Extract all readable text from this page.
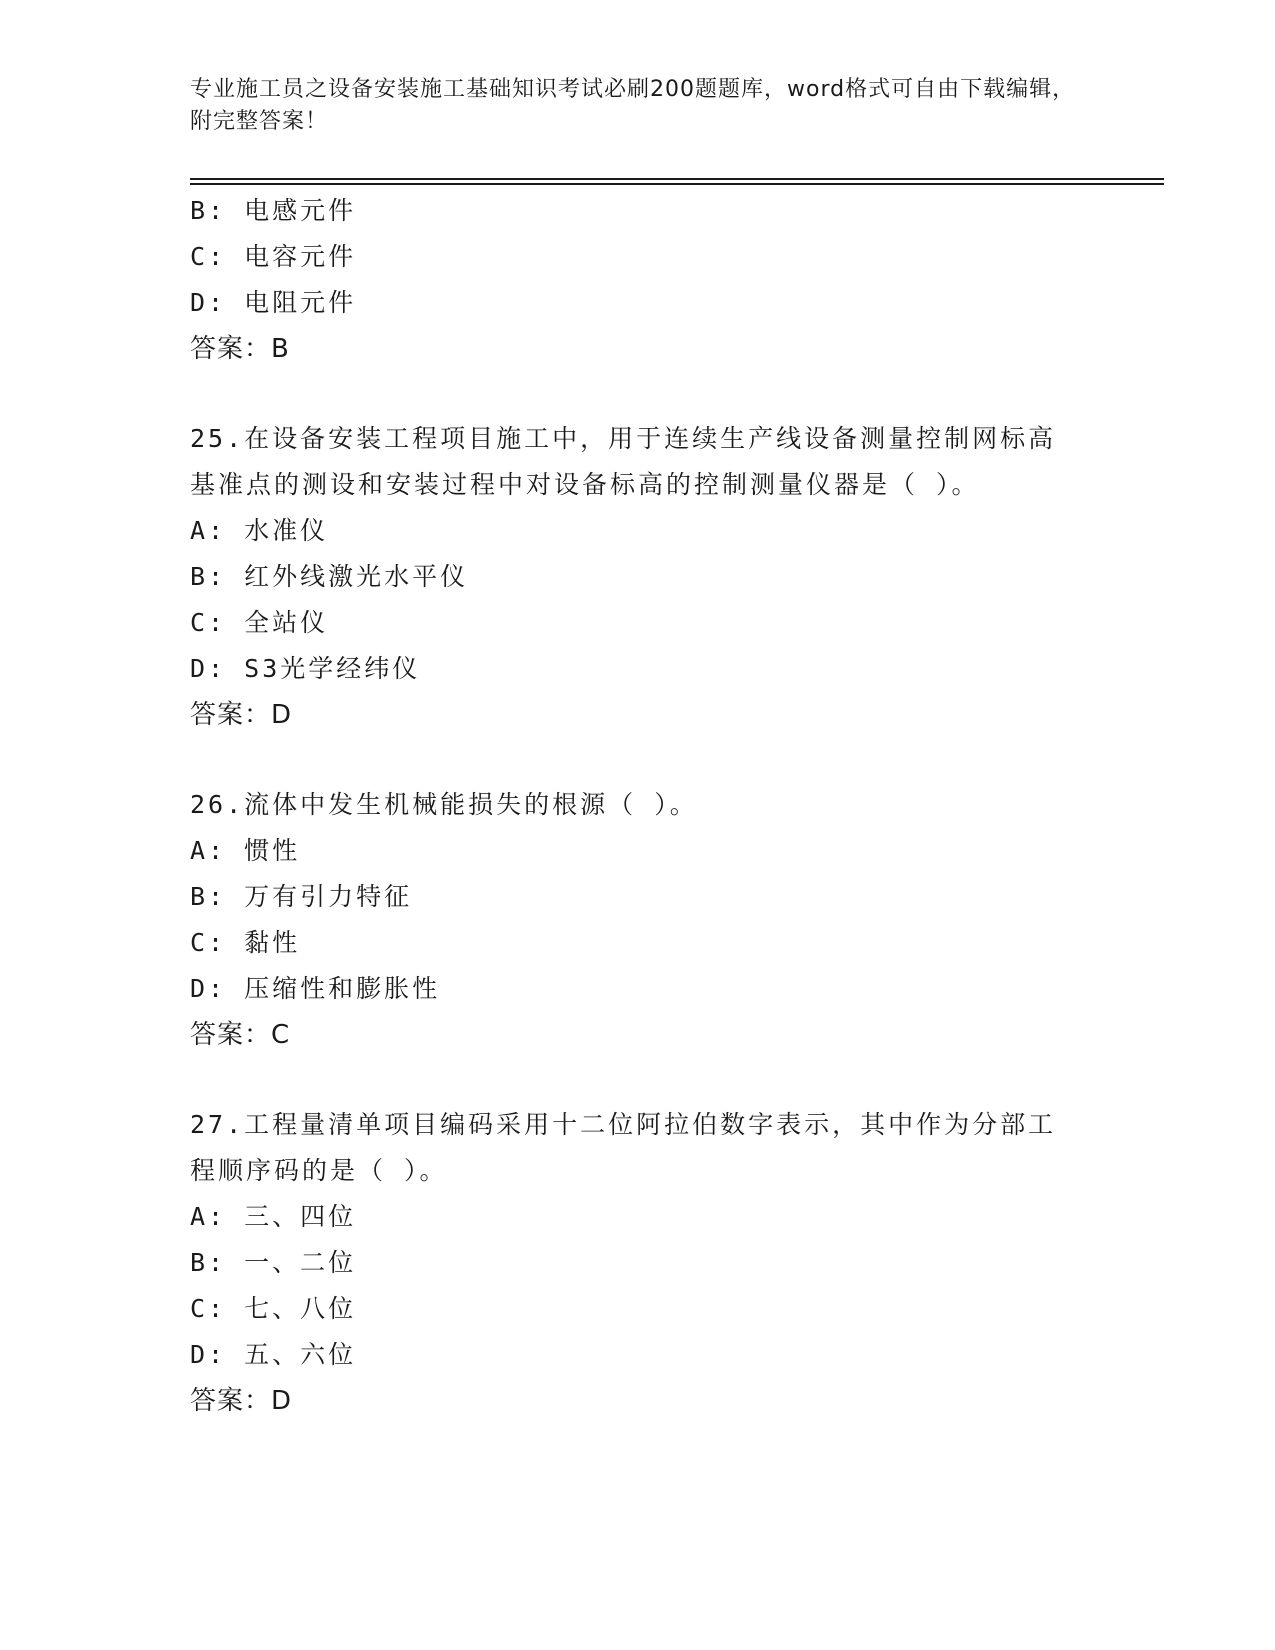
专业施工员之设备安装施工基础知识考试必刷200题题库，word格式可自由下载编辑，附完整答案！
B: 电感元件
C: 电容元件
D: 电阻元件
答案：B
25.在设备安装工程项目施工中，用于连续生产线设备测量控制网标高
基准点的测设和安装过程中对设备标高的控制测量仪器是（ ）。
A: 水准仪
B: 红外线激光水平仪
C: 全站仪
D: S3光学经纬仪
答案：D
26.流体中发生机械能损失的根源（ ）。
A: 惯性
B: 万有引力特征
C: 黏性
D: 压缩性和膨胀性
答案：C
27.工程量清单项目编码采用十二位阿拉伯数字表示，其中作为分部工
程顺序码的是（ ）。
A: 三、四位
B: 一、二位
C: 七、八位
D: 五、六位
答案：D
